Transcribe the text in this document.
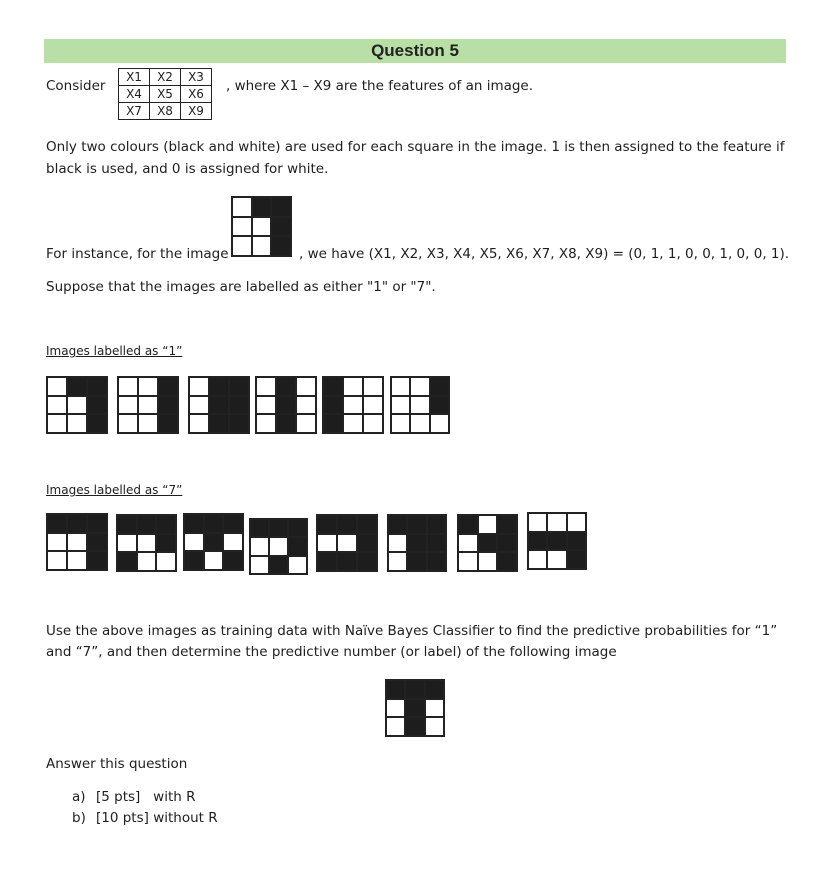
Question 5
Consider
X1	X2	X3
X4	X5	X6
X7	X8	X9
, where X1 – X9 are the features of an image.
Only two colours (black and white) are used for each square in the image. 1 is then assigned to the feature if
black is used, and 0 is assigned for white.
For instance, for the image	, we have (X1, X2, X3, X4, X5, X6, X7, X8, X9) = (0, 1, 1, 0, 0, 1, 0, 0, 1).
Suppose that the images are labelled as either "1" or "7".
Images labelled as “1”
Images labelled as “7”
Use the above images as training data with Naïve Bayes Classifier to find the predictive probabilities for “1”
and “7”, and then determine the predictive number (or label) of the following image
Answer this question
a) [5 pts]   with R
b) [10 pts] without R
